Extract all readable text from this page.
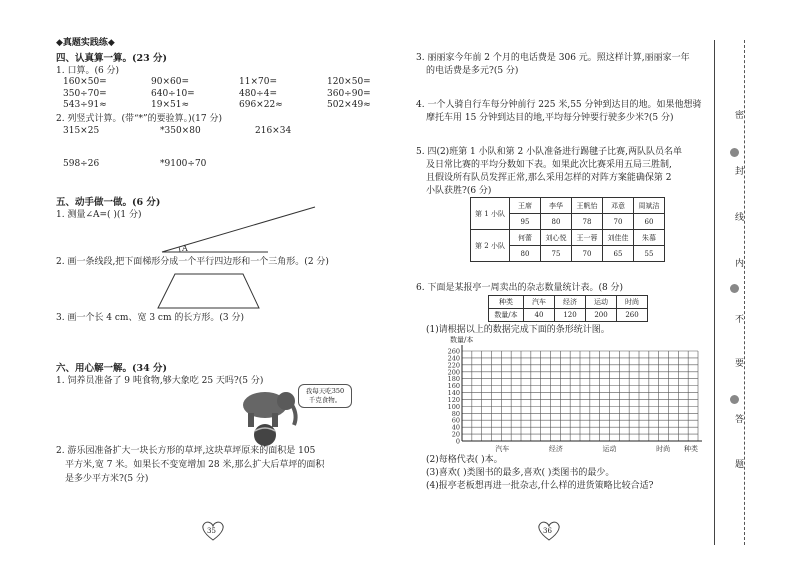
◆真题实践练◆
四、认真算一算。(23 分)
1. 口算。(6 分)
160×50=	90×60=	11×70=	120×50=
350÷70=	640÷10=	480÷4=	360÷90=
543÷91≈	19×51≈	696×22≈	502×49≈
2. 列竖式计算。(带“*”的要验算。)(17 分)
315×25	*350×80	216×34
598÷26	*9100÷70
五、动手做一做。(6 分)
1. 测量∠A=( )(1 分)
A
2. 画一条线段,把下面梯形分成一个平行四边形和一个三角形。(2 分)
3. 画一个长 4 cm、宽 3 cm 的长方形。(3 分)
六、用心解一解。(34 分)
1. 饲养员准备了 9 吨食物,够大象吃 25 天吗?(5 分)
我每天吃350
千克食物。
2. 游乐园准备扩大一块长方形的草坪,这块草坪原来的面积是 105
平方米,宽 7 米。如果长不变宽增加 28 米,那么扩大后草坪的面积
是多少平方米?(5 分)
35
3. 丽丽家今年前 2 个月的电话费是 306 元。照这样计算,丽丽家一年
的电话费是多元?(5 分)
4. 一个人骑自行车每分钟前行 225 米,55 分钟到达目的地。如果他想骑
摩托车用 15 分钟到达目的地,平均每分钟要行驶多少米?(5 分)
5. 四(2)班第 1 小队和第 2 小队准备进行踢毽子比赛,两队队员名单
及日常比赛的平均分数如下表。如果此次比赛采用五局三胜制,
且假设所有队员发挥正常,那么采用怎样的对阵方案能确保第 2
小队获胜?(6 分)
第 1 小队	王席	李华	王帆怡	邓意	周斌洁
	95	80	78	70	60
第 2 小队	何蕾	刘心悦	王一蓉	刘佳佳	朱慕
	80	75	70	65	55
6. 下面是某报亭一周卖出的杂志数量统计表。(8 分)
种类	汽车	经济	运动	时尚
数量/本	40	120	200	260
(1)请根据以上的数据完成下面的条形统计图。
数量/本
260
240
220
200
180
160
140
120
100
80
60
40
20
0
汽车	经济	运动	时尚 种类
(2)每格代表( )本。
(3)喜欢( )类图书的最多,喜欢( )类图书的最少。
(4)报亭老板想再进一批杂志,什么样的进货策略比较合适?
36
密
封
线
内
不
要
答
题
